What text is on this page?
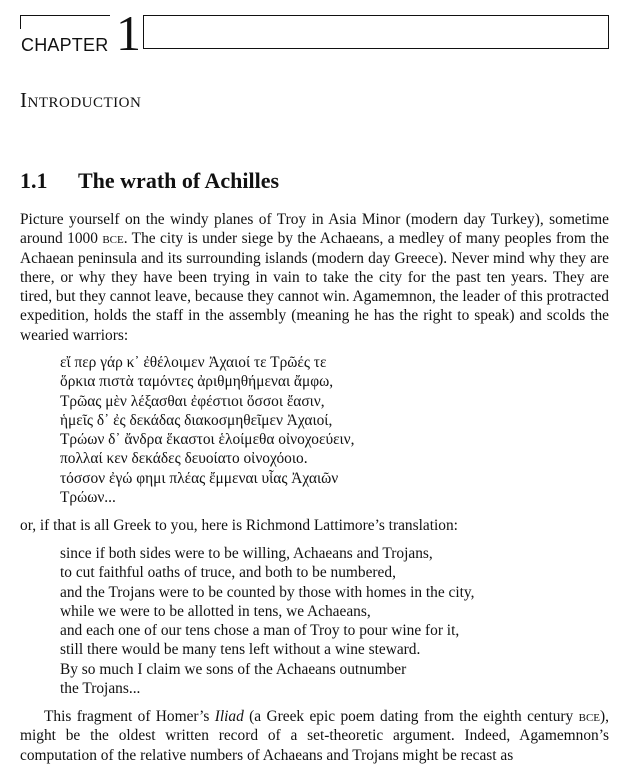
CHAPTER 1
Introduction
1.1 The wrath of Achilles

Picture yourself on the windy planes of Troy in Asia Minor (modern day Turkey), sometime around 1000 bce. The city is under siege by the Achaeans, a medley of many peoples from the Achaean peninsula and its surrounding islands (modern day Greece). Never mind why they are there, or why they have been trying in vain to take the city for the past ten years. They are tired, but they cannot leave, because they cannot win. Agamemnon, the leader of this protracted expedition, holds the staff in the assembly (meaning he has the right to speak) and scolds the wearied warriors:

εἴ περ γάρ κ᾽ ἐθέλοιμεν Ἀχαιοί τε Τρῶές τε
ὅρκια πιστὰ ταμόντες ἀριθμηθήμεναι ἄμφω,
Τρῶας μὲν λέξασθαι ἐφέστιοι ὅσσοι ἔασιν,
ἡμεῖς δ᾽ ἐς δεκάδας διακοσμηθεῖμεν Ἀχαιοί,
Τρώων δ᾽ ἄνδρα ἕκαστοι ἑλοίμεθα οἰνοχοεύειν,
πολλαί κεν δεκάδες δευοίατο οἰνοχόοιο.
τόσσον ἐγώ φημι πλέας ἔμμεναι υἷας Ἀχαιῶν
Τρώων...

or, if that is all Greek to you, here is Richmond Lattimore’s translation:

since if both sides were to be willing, Achaeans and Trojans,
to cut faithful oaths of truce, and both to be numbered,
and the Trojans were to be counted by those with homes in the city,
while we were to be allotted in tens, we Achaeans,
and each one of our tens chose a man of Troy to pour wine for it,
still there would be many tens left without a wine steward.
By so much I claim we sons of the Achaeans outnumber
the Trojans...

This fragment of Homer’s Iliad (a Greek epic poem dating from the eighth century bce), might be the oldest written record of a set-theoretic argument. Indeed, Agamemnon’s computation of the relative numbers of Achaeans and Trojans might be recast as
